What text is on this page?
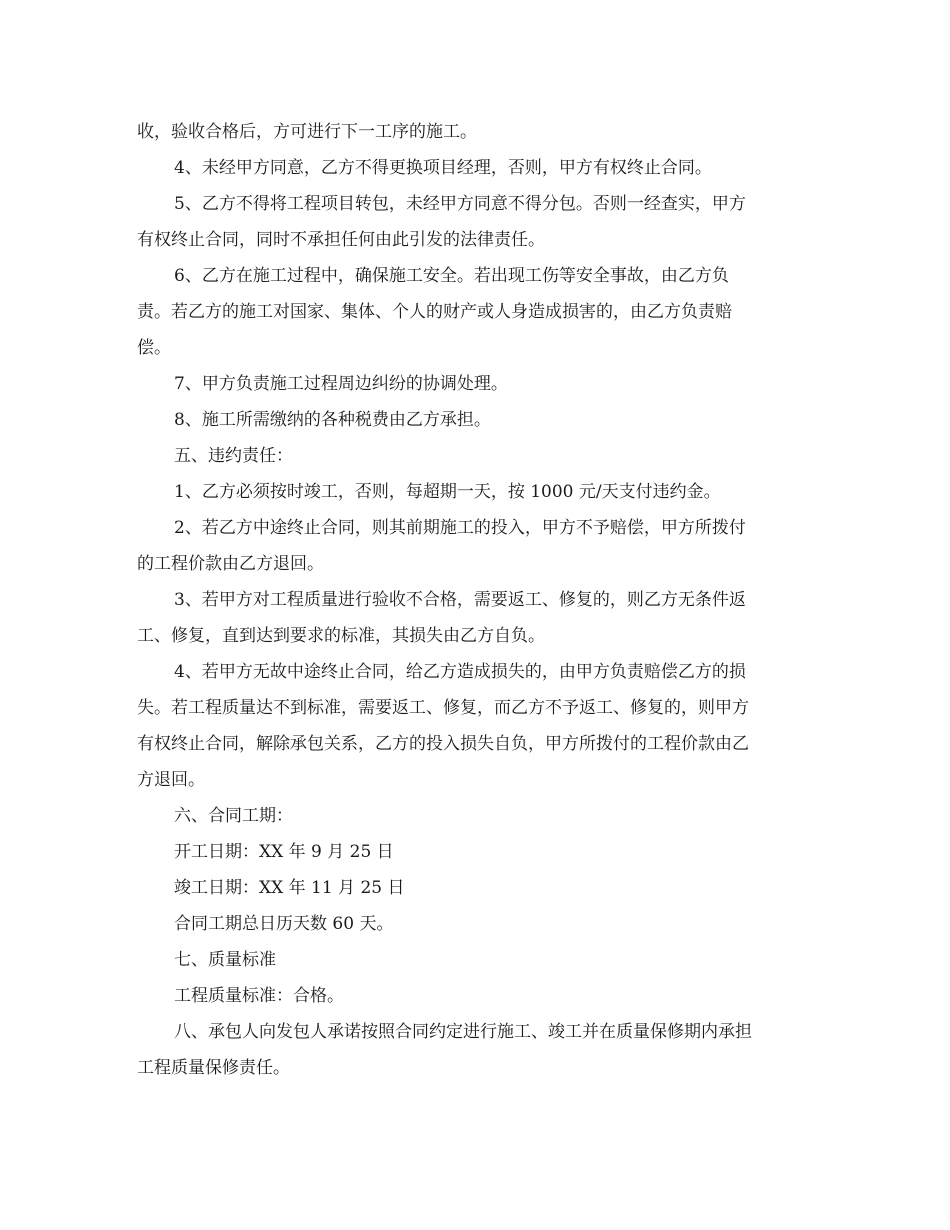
收，验收合格后，方可进行下一工序的施工。
4、未经甲方同意，乙方不得更换项目经理，否则，甲方有权终止合同。
5、乙方不得将工程项目转包，未经甲方同意不得分包。否则一经查实，甲方
有权终止合同，同时不承担任何由此引发的法律责任。
6、乙方在施工过程中，确保施工安全。若出现工伤等安全事故，由乙方负
责。若乙方的施工对国家、集体、个人的财产或人身造成损害的，由乙方负责赔
偿。
7、甲方负责施工过程周边纠纷的协调处理。
8、施工所需缴纳的各种税费由乙方承担。
五、违约责任：
1、乙方必须按时竣工，否则，每超期一天，按 1000 元/天支付违约金。
2、若乙方中途终止合同，则其前期施工的投入，甲方不予赔偿，甲方所拨付
的工程价款由乙方退回。
3、若甲方对工程质量进行验收不合格，需要返工、修复的，则乙方无条件返
工、修复，直到达到要求的标准，其损失由乙方自负。
4、若甲方无故中途终止合同，给乙方造成损失的，由甲方负责赔偿乙方的损
失。若工程质量达不到标准，需要返工、修复，而乙方不予返工、修复的，则甲方
有权终止合同，解除承包关系，乙方的投入损失自负，甲方所拨付的工程价款由乙
方退回。
六、合同工期：
开工日期：XX 年 9 月 25 日
竣工日期：XX 年 11 月 25 日
合同工期总日历天数 60 天。
七、质量标准
工程质量标准：合格。
八、承包人向发包人承诺按照合同约定进行施工、竣工并在质量保修期内承担
工程质量保修责任。
